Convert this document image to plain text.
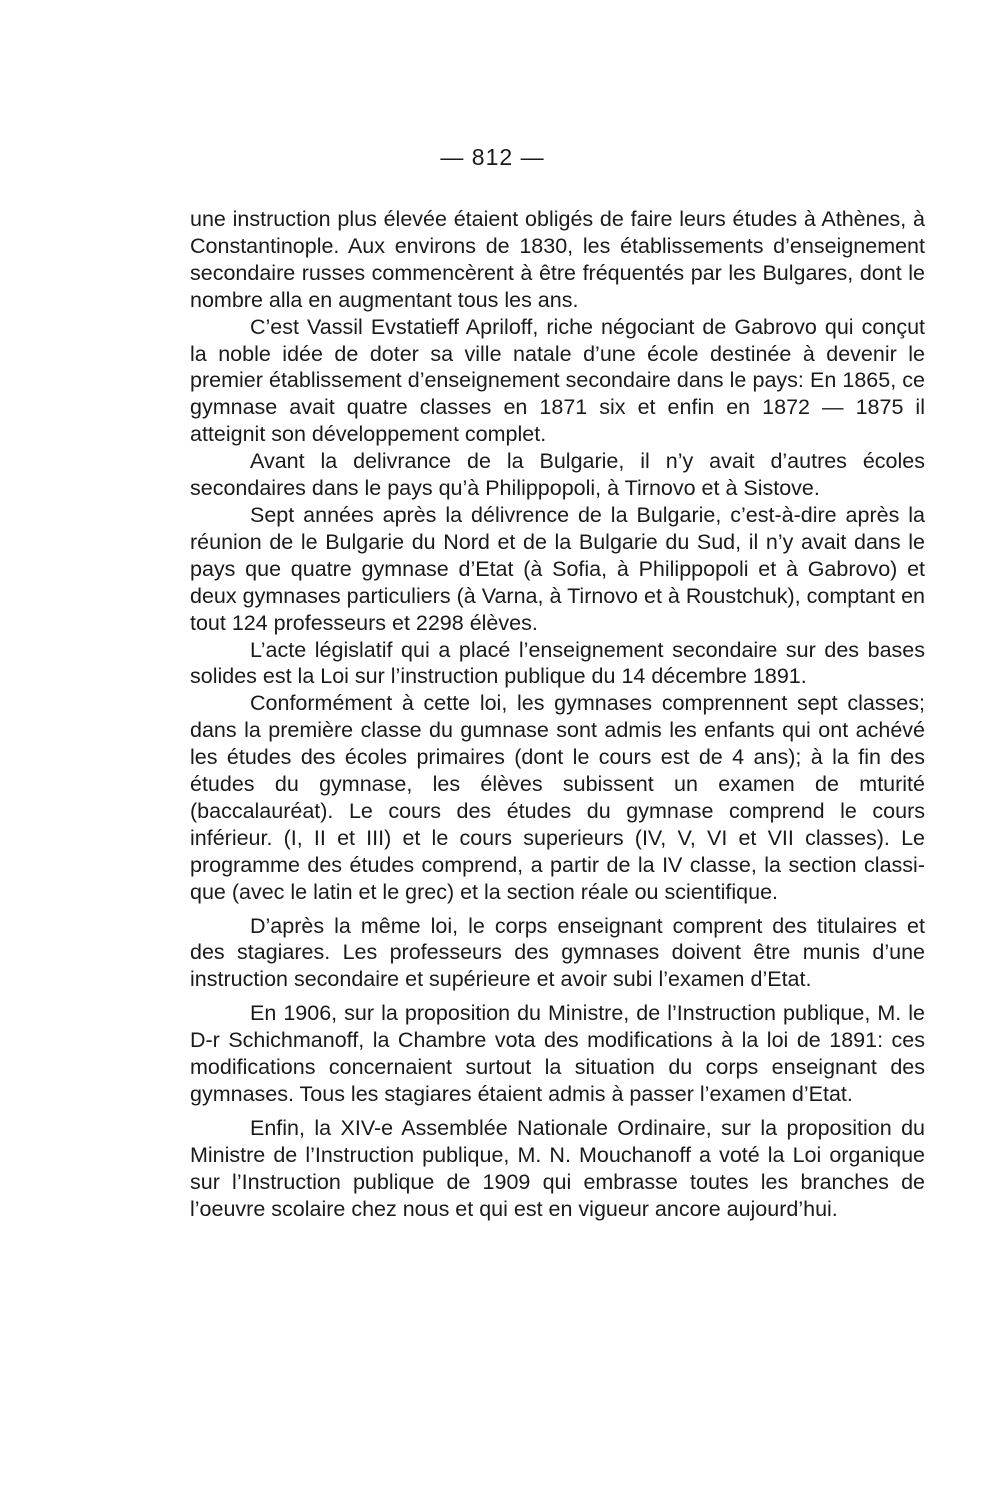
— 812 —

une instruction plus élevée étaient obligés de faire leurs études à Athènes, à Constantinople. Aux environs de 1830, les établissements d’enseignement secondaire russes commencèrent à être fréquentés par les Bulgares, dont le nombre alla en augmentant tous les ans.

C’est Vassil Evstatieff Apriloff, riche négociant de Gabrovo qui conçut la noble idée de doter sa ville natale d’une école destinée à devenir le premier établissement d’enseignement secondaire dans le pays: En 1865, ce gymnase avait quatre classes en 1871 six et enfin en 1872 — 1875 il atteignit son développement complet.

Avant la delivrance de la Bulgarie, il n’y avait d’autres écoles secondaires dans le pays qu’à Philippopoli, à Tirnovo et à Sistove.

Sept années après la délivrence de la Bulgarie, c’est-à-dire après la réunion de le Bulgarie du Nord et de la Bulgarie du Sud, il n’y avait dans le pays que quatre gymnase d’Etat (à Sofia, à Philippopoli et à Gabrovo) et deux gymnases particuliers (à Varna, à Tirnovo et à Roustchuk), comptant en tout 124 professeurs et 2298 élèves.

L’acte législatif qui a placé l’enseignement secondaire sur des bases solides est la Loi sur l’instruction publique du 14 décembre 1891.

Conformément à cette loi, les gymnases comprennent sept classes; dans la première classe du gumnase sont admis les enfants qui ont achévé les études des écoles primaires (dont le cours est de 4 ans); à la fin des études du gymnase, les élèves subissent un examen de mturité (baccalauréat). Le cours des études du gymnase comprend le cours inférieur. (I, II et III) et le cours superieurs (IV, V, VI et VII classes). Le programme des études comprend, a partir de la IV classe, la section classique (avec le latin et le grec) et la section réale ou scientifique.

D’après la même loi, le corps enseignant comprent des titulaires et des stagiares. Les professeurs des gymnases doivent être munis d’une instruction secondaire et supérieure et avoir subi l’examen d’Etat.

En 1906, sur la proposition du Ministre, de l’Instruction publique, M. le D-r Schichmanoff, la Chambre vota des modifications à la loi de 1891: ces modifications concernaient surtout la situation du corps enseignant des gymnases. Tous les stagiares étaient admis à passer l’examen d’Etat.

Enfin, la XIV-e Assemblée Nationale Ordinaire, sur la proposition du Ministre de l’Instruction publique, M. N. Mouchanoff a voté la Loi organique sur l’Instruction publique de 1909 qui embrasse toutes les branches de l’oeuvre scolaire chez nous et qui est en vigueur ancore aujourd’hui.
